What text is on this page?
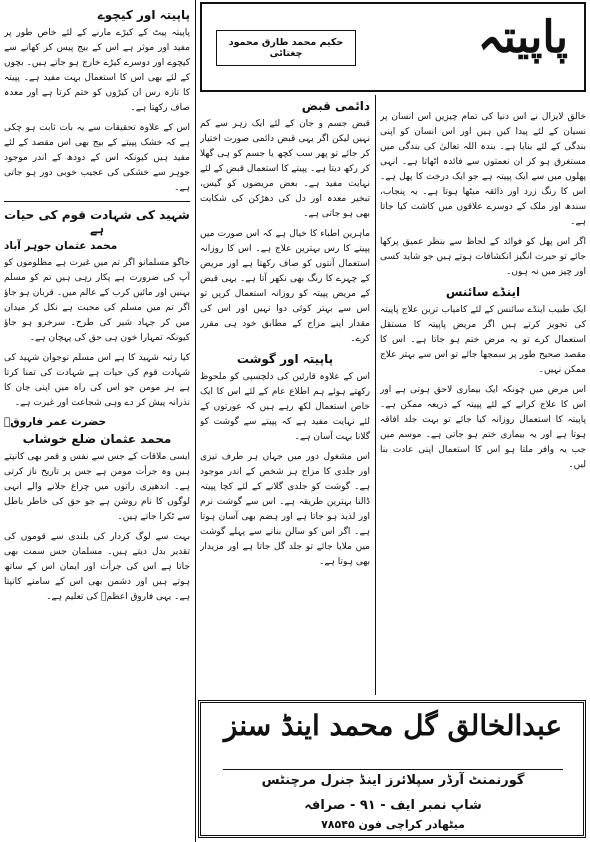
پاپیتہ اور کیچوے

پاپیتہ پیٹ کے کیڑے مارنے کے لئے خاص طور پر مفید اور موثر ہے اس کے بیج پیس کر کھانے سے کیچوے اور دوسرے کیڑے خارج ہو جاتے ہیں۔ بچوں کے لئے بھی اس کا استعمال بہت مفید ہے۔ پپیتہ کا تازہ رس ان کیڑوں کو ختم کرتا ہے اور معدہ صاف رکھتا ہے۔

اس کے علاوہ تحقیقات سے یہ بات ثابت ہو چکی ہے کہ خشک پپیتے کے بیج بھی اس مقصد کے لئے مفید ہیں کیونکہ اس کے دودھ کے اندر موجود جوہر سے خشکی کی عجیب خوبی دور ہو جاتی ہے۔

شہید کی شہادت قوم کی حیات ہے
محمد عثمان جوہر آباد

جاگو مسلمانو اگر تم میں غیرت ہے مظلوموں کو آپ کی ضرورت ہے پکار رہی ہیں تم کو مسلم بہنیں اور مائیں کرب کے عالم میں۔ قربان ہو جاؤ اگر تم میں مسلم کی محبت ہے نکل کر میدان میں کر جہاد شیر کی طرح۔ سرخرو ہو جاؤ کیونکہ تمہارا خون ہی حق کی پہچان ہے۔

کیا رتبہ شہید کا ہے اس مسلم نوجوان شہید کی شہادت قوم کی حیات ہے شہادت کی تمنا کرتا ہے ہر مومن جو اس کی راہ میں اپنی جان کا نذرانہ پیش کر دے وہی شجاعت اور غیرت ہے۔

حضرت عمر فاروقؓ
محمد عثمان ضلع خوشاب

ایسی ملاقات کے جس سے نفس و قمر بھی کانپتے ہیں وہ جرأت مومن ہے جس پر تاریخ ناز کرتی ہے۔ اندھیری راتوں میں چراغ جلانے والے انہی لوگوں کا نام روشن ہے جو حق کی خاطر باطل سے ٹکرا جاتے ہیں۔

بہت سے لوگ کردار کی بلندی سے قوموں کی تقدیر بدل دیتے ہیں۔ مسلمان جس سمت بھی جاتا ہے اس کی جرأت اور ایمان اس کے ساتھ ہوتے ہیں اور دشمن بھی اس کے سامنے کانپتا ہے۔ یہی فاروق اعظمؓ کی تعلیم ہے۔

پاپیتہ
حکیم محمد طارق محمود چغتائی
دائمی قبض

قبض جسم و جان کے لئے ایک زہر سے کم نہیں لیکن اگر یہی قبض دائمی صورت اختیار کر جائے تو پھر سب کچھ یا جسم کو ہی گھلا کر رکھ دیتا ہے۔ پپیتے کا استعمال قبض کے لئے نہایت مفید ہے۔ بعض مریضوں کو گیس، تبخیر معدہ اور دل کی دھڑکن کی شکایت بھی ہو جاتی ہے۔

ماہرین اطباء کا خیال ہے کہ اس صورت میں پپیتے کا رس بہترین علاج ہے۔ اس کا روزانہ استعمال آنتوں کو صاف رکھتا ہے اور مریض کے چہرے کا رنگ بھی نکھر آتا ہے۔ یہی قبض کے مریض پپیتہ کو روزانہ استعمال کریں تو اس سے بہتر کوئی دوا نہیں اور اس کی مقدار اپنے مزاج کے مطابق خود ہی مقرر کرے۔

پاپیتہ اور گوشت

اس کے علاوہ قارئین کی دلچسپی کو ملحوظ رکھتے ہوئے ہم اطلاع عام کے لئے اس کا ایک خاص استعمال لکھ رہے ہیں کہ عورتوں کے لئے نہایت مفید ہے کہ پپیتے سے گوشت کو گلانا بہت آسان ہے۔

اس مشغول دور میں جہاں ہر طرف تیزی اور جلدی کا مزاج ہر شخص کے اندر موجود ہے۔ گوشت کو جلدی گلانے کے لئے کچا پپیتہ ڈالنا بہترین طریقہ ہے۔ اس سے گوشت نرم اور لذیذ ہو جاتا ہے اور ہضم بھی آسان ہوتا ہے۔ اگر اس کو سالن بنانے سے پہلے گوشت میں ملایا جائے تو جلد گل جاتا ہے اور مزیدار بھی ہوتا ہے۔

خالق لایزال نے اس دنیا کی تمام چیزیں اس انسان پر نسیان کے لئے پیدا کیں ہیں اور اس انسان کو اپنی بندگی کے لئے بنایا ہے۔ بندہ اللہ تعالیٰ کی بندگی میں مستغرق ہو کر ان نعمتوں سے فائدہ اٹھاتا ہے۔ انہی پھلوں میں سے ایک پپیتہ ہے جو ایک درخت کا پھل ہے۔ اس کا رنگ زرد اور ذائقہ میٹھا ہوتا ہے۔ یہ پنجاب، سندھ اور ملک کے دوسرے علاقوں میں کاشت کیا جاتا ہے۔

اگر اس پھل کو فوائد کے لحاظ سے بنظر عمیق پرکھا جائے تو حیرت انگیز انکشافات ہوتے ہیں جو شاید کسی اور چیز میں نہ ہوں۔

اینڈے سائنس

ایک طبیب اینڈے سائنس کے لئے کامیاب ترین علاج پاپیتہ کی تجویز کرتے ہیں اگر مریض پاپیتہ کا مستقل استعمال کرے تو یہ مرض ختم ہو جاتا ہے۔ اس کا مقصد صحیح طور پر سمجھا جائے تو اس سے بہتر علاج ممکن نہیں۔

اس مرض میں چونکہ ایک بیماری لاحق ہوتی ہے اور اس کا علاج کرانے کے لئے پپیتہ کے ذریعہ ممکن ہے۔ پاپیتہ کا استعمال روزانہ کیا جائے تو بہت جلد افاقہ ہوتا ہے اور یہ بیماری ختم ہو جاتی ہے۔ موسم میں جب یہ وافر ملتا ہو اس کا استعمال اپنی عادت بنا لیں۔

عبدالخالق گل محمد اینڈ سنز
گورنمنٹ آرڈر سپلائرز اینڈ جنرل مرچنٹس
شاپ نمبر ایف - ۹۱ - صرافہ
میٹھادر کراچی فون ۷۸۵۴۵
